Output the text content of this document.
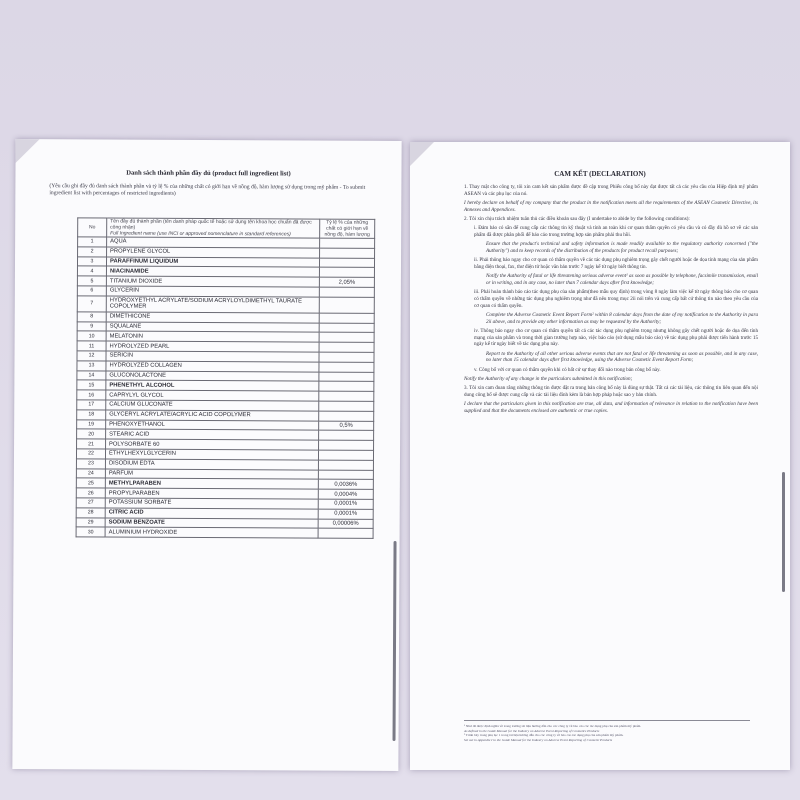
Danh sách thành phần đầy đủ (product full ingredient list)
(Yêu cầu ghi đầy đủ danh sách thành phần và tỷ lệ % của những chất có giới hạn về nồng độ, hàm lượng sử dụng trong mỹ phẩm - To submit ingredient list with percentages of restricted ingredients)
No	Tên đầy đủ thành phần (tên danh pháp quốc tế hoặc sử dụng tên khoa học chuẩn đã được công nhận)
Full Ingredient name (use INCI or approved nomenclature in standard references)	Tỷ lệ % của những chất có giới hạn về nồng độ, hàm lượng
1	AQUA	
2	PROPYLENE GLYCOL	
3	PARAFFINUM LIQUIDUM	
4	NIACINAMIDE	
5	TITANIUM DIOXIDE	2,05%
6	GLYCERIN	
7	HYDROXYETHYL ACRYLATE/SODIUM ACRYLOYLDIMETHYL TAURATE COPOLYMER	
8	DIMETHICONE	
9	SQUALANE	
10	MELATONIN	
11	HYDROLYZED PEARL	
12	SERICIN	
13	HYDROLYZED COLLAGEN	
14	GLUCONOLACTONE	
15	PHENETHYL ALCOHOL	
16	CAPRYLYL GLYCOL	
17	CALCIUM GLUCONATE	
18	GLYCERYL ACRYLATE/ACRYLIC ACID COPOLYMER	
19	PHENOXYETHANOL	0,5%
20	STEARIC ACID	
21	POLYSORBATE 60	
22	ETHYLHEXYLGLYCERIN	
23	DISODIUM EDTA	
24	PARFUM	
25	METHYLPARABEN	0,0036%
26	PROPYLPARABEN	0,0004%
27	POTASSIUM SORBATE	0,0001%
28	CITRIC ACID	0,0001%
29	SODIUM BENZOATE	0,00006%
30	ALUMINIUM HYDROXIDE	
CAM KẾT (DECLARATION)

1. Thay mặt cho công ty, tôi xin cam kết sản phẩm được đề cập trong Phiếu công bố này đạt được tất cả các yêu cầu của Hiệp định mỹ phẩm ASEAN và các phụ lục của nó.

I hereby declare on behalf of my company that the product in the notification meets all the requirements of the ASEAN Cosmetic Directive, its Annexes and Appendices.

2. Tôi xin chịu trách nhiệm tuân thủ các điều khoản sau đây (I undertake to abide by the following conditions):

i. Đảm bảo có sẵn để cung cấp các thông tin kỹ thuật và tính an toàn khi cơ quan thẩm quyền có yêu cầu và có đầy đủ hồ sơ về các sản phẩm đã được phân phối để báo cáo trong trường hợp sản phẩm phải thu hồi.

Ensure that the product's technical and safety information is made readily available to the regulatory authority concerned ("the Authority") and to keep records of the distribution of the products for product recall purposes;

ii. Phải thông báo ngay cho cơ quan có thẩm quyền về các tác dụng phụ nghiêm trọng gây chết người hoặc đe dọa tính mạng của sản phẩm bằng điện thoại, fax, thư điện tử hoặc văn bản trước 7 ngày kể từ ngày biết thông tin.

Notify the Authority of fatal or life threatening serious adverse event¹ as soon as possible by telephone, facsimile transmission, email or in writing, and in any case, no later than 7 calendar days after first knowledge;

iii. Phải hoàn thành báo cáo tác dụng phụ của sản phẩm(theo mẫu quy định) trong vòng 8 ngày làm việc kể từ ngày thông báo cho cơ quan có thẩm quyền về những tác dụng phụ nghiêm trọng như đã nêu trong mục 2ii nói trên và cung cấp bất cứ thông tin nào theo yêu cầu của cơ quan có thẩm quyền.

Complete the Adverse Cosmetic Event Report Form² within 8 calendar days from the date of my notification to the Authority in para 2ii above, and to provide any other information as may be requested by the Authority;

iv. Thông báo ngay cho cơ quan có thẩm quyền tất cả các tác dụng phụ nghiêm trọng nhưng không gây chết người hoặc đe dọa đến tính mạng của sản phẩm và trong thời gian trường hợp nào, việc báo cáo (sử dụng mẫu báo cáo) về tác dụng phụ phải được tiến hành trước 15 ngày kể từ ngày biết về tác dụng phụ này.

Report to the Authority of all other serious adverse events that are not fatal or life threatening as soon as possible, and in any case, no later than 15 calendar days after first knowledge, using the Adverse Cosmetic Event Report Form;

v. Công bố với cơ quan có thẩm quyền khi có bất cứ sự thay đổi nào trong bản công bố này.

Notify the Authority of any change in the particulars submitted in this notification;

3. Tôi xin cam đoan rằng những thông tin được đặt ra trong bản công bố này là đúng sự thật. Tất cả các tài liệu, các thông tin liên quan đến nội dung công bố sẽ được cung cấp và các tài liệu đính kèm là bản hợp pháp hoặc sao y bản chính.

I declare that the particulars given in this notification are true, all data, and information of relevance in relation to the notification have been supplied and that the documents enclosed are authentic or true copies.

¹ Như đã được định nghĩa về trong trường tài liệu hướng dẫn cho các công ty về báo cáo các tác dụng phụ của sản phẩm mỹ phẩm.
As defined in the Guide Manual for the Industry on Adverse Event Reporting of Cosmetics Products
² Trình bày trong phụ lục 1 trong tài liệu hướng dẫn cho các công ty về báo cáo tác dụng phụ của sản phẩm mỹ phẩm.
Set out in Appendix I to the Guide Manual for the Industry on Adverse Event Reporting of Cosmetic Products
